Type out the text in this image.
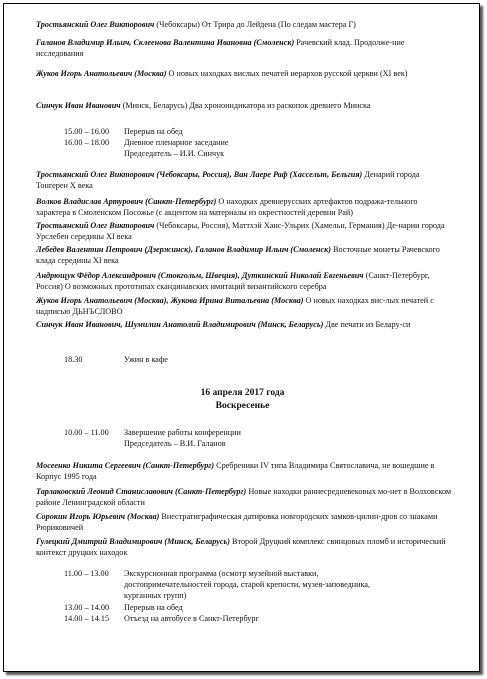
Тростьянский Олег Викторович (Чебоксары) От Трира до Лейдена (По следам мастера Г)
Галанов Владимир Ильич, Склеенова Валентина Ивановна (Смоленск) Рачевский клад. Продолже-ние исследования
Жуков Игорь Анатольевич (Москва) О новых находках вислых печатей иерархов русской церкви (XI век)
Синчук Иван Иванович (Минск, Беларусь) Два хроноиндикатора из раскопок древнего Минска
15.00 – 16.00 Перерыв на обед
16.00 – 18.00 Дневное пленарное заседание
Председатель – И.И. Синчук
Тростьянский Олег Викторович (Чебоксары, Россия), Ван Лаере Раф (Хассельт, Бельгия) Денарий города Тонгерен X века
Волков Владислав Артурович (Санкт-Петербург) О находках древнерусских артефактов подража-тельного характера в Смоленском Посожье (с акцентом на материалы из окрестностей деревни Рай)
Тростьянский Олег Викторович (Чебоксары, Россия), Маттхэй Ханс-Ульрих (Хамельн, Германия) Де-нарии города Урслебен середины XI века
Лебедев Валентин Петрович (Дзержинск), Галанов Владимир Ильич (Смоленск) Восточные монеты Рачевского клада середины XI века
Андрющук Фёдор Александрович (Стокгольм, Швеция), Дуткинский Николай Евгеньевич (Санкт-Петербург, Россия) О возможных прототипах скандинавских имитаций византийского серебра
Жуков Игорь Анатольевич (Москва), Жукова Ирина Витальевна (Москва) О новых находках вис-лых печатей с надписью ДЬНЪСЛОВО
Синчук Иван Иванович, Шумилин Анатолий Владимирович (Минск, Беларусь) Две печати из Белару-си
18.30	Ужин в кафе
16 апреля 2017 года
Воскресенье
10.00 – 11.00 Завершение работы конференции
Председатель – В.И. Галанов
Мосеенко Никита Сергеевич (Санкт-Петербург) Сребреники IV типа Владимира Святославича, не вошедшие в Корпус 1995 года
Тарлаковский Леонид Станиславович (Санкт-Петербург) Новые находки раннесредневековых мо-нет в Волховском районе Ленинградской области
Сорокин Игорь Юрьевич (Москва) Внестратиграфическая датировка новгородских замков-цилин-дров со знаками Рюриковичей
Гулецкий Дмитрий Владимирович (Минск, Беларусь) Второй Друцкий комплекс свинцовых пломб и исторический контекст друцких находок
11.00 – 13.00 Экскурсионная программа (осмотр музейной выставки,
достопримечательностей города, старой крепости, музея-заповедника,
курганных групп)
13.00 – 14.00 Перерыв на обед
14.00 – 14.15 Отъезд на автобусе в Санкт-Петербург
